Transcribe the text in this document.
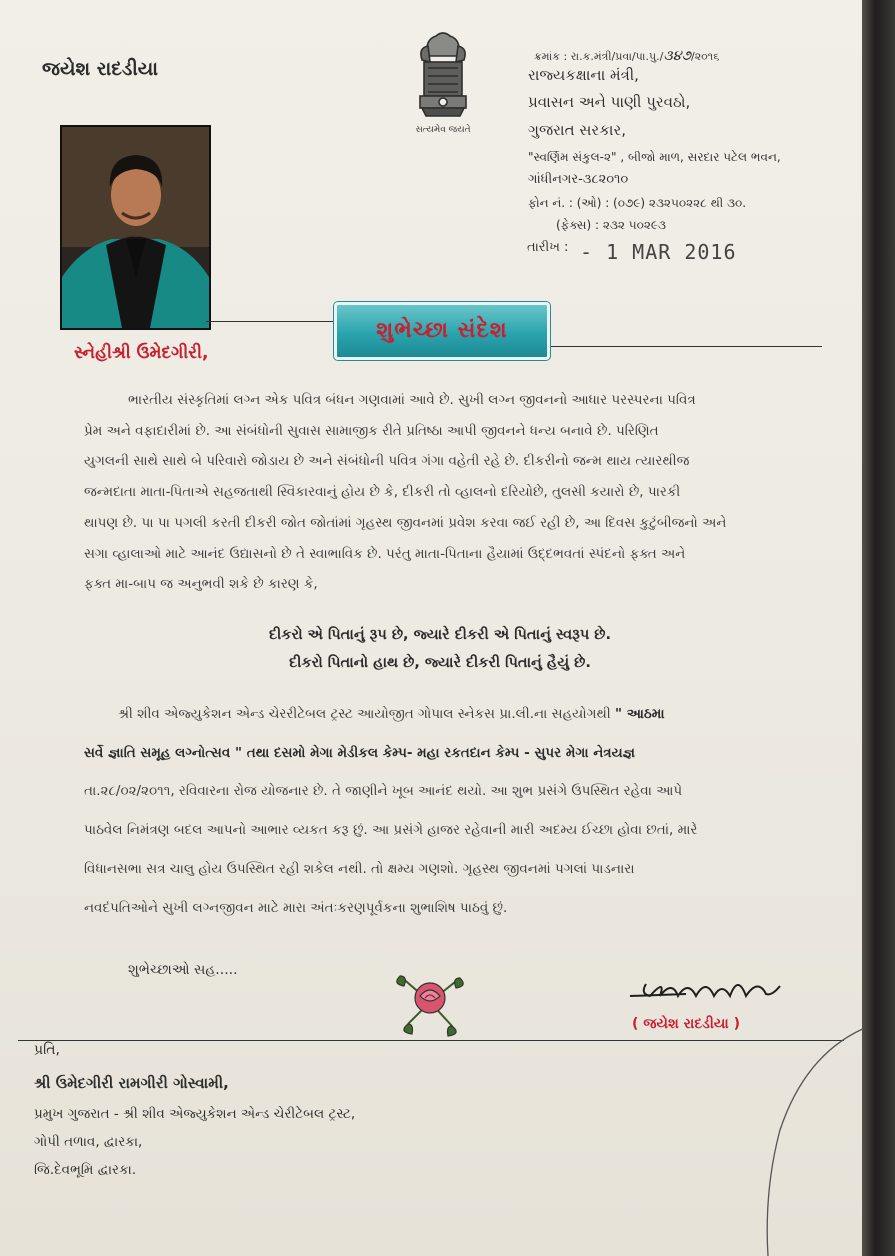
જયેશ રાદડીયા
સત્યમેવ જયતે
ક્રમાંક : રા.ક.મંત્રી/પ્રવા/પા.પુ./૩૪૭/૨૦૧૬
રાજ્યકક્ષાના મંત્રી,
પ્રવાસન અને પાણી પુરવઠો,
ગુજરાત સરકાર,
"સ્વર્ણિમ સંકુલ-૨" , બીજો માળ, સરદાર પટેલ ભવન,
ગાંધીનગર-૩૮૨૦૧૦
ફોન નં. : (ઓ) : (૦૭૯) ૨૩૨૫૦૨૨૮ થી ૩૦.
(ફેક્સ) : ૨૩૨ ૫૦૨૯૩
તારીખ : - 1 MAR 2016
શુભેચ્છા સંદેશ
સ્નેહીશ્રી ઉમેદગીરી,
ભારતીય સંસ્કૃતિમાં લગ્ન એક પવિત્ર બંધન ગણવામાં આવે છે. સુખી લગ્ન જીવનનો આધાર પરસ્પરના પવિત્ર
પ્રેમ અને વફાદારીમાં છે. આ સંબંધોની સુવાસ સામાજીક રીતે પ્રતિષ્ઠા આપી જીવનને ધન્ય બનાવે છે. પરિણિત
યુગલની સાથે સાથે બે પરિવારો જોડાય છે અને સંબંધોની પવિત્ર ગંગા વહેતી રહે છે. દીકરીનો જન્મ થાય ત્યારથીજ
જન્મદાતા માતા-પિતાએ સહજતાથી સ્વિકારવાનું હોય છે કે, દીકરી તો વ્હાલનો દરિયોછે, તુલસી કયારો છે, પારકી
થાપણ છે. પા પા પગલી કરતી દીકરી જોત જોતાંમાં ગૃહસ્થ જીવનમાં પ્રવેશ કરવા જઈ રહી છે, આ દિવસ કુટુંબીજનો અને
સગા વ્હાલાઓ માટે આનંદ ઉદ્યાસનો છે તે સ્વાભાવિક છે. પરંતુ માતા-પિતાના હૈયામાં ઉદ્દભવતાં સ્પંદનો ફક્ત અને
ફક્ત મા-બાપ જ અનુભવી શકે છે કારણ કે,
દીકરો એ પિતાનું રૂપ છે, જ્યારે દીકરી એ પિતાનું સ્વરૂપ છે.
દીકરો પિતાનો હાથ છે, જ્યારે દીકરી પિતાનું હૈયું છે.
શ્રી શીવ એજ્યુકેશન એન્ડ ચેરરીટેબલ ટ્રસ્ટ આયોજીત ગોપાલ સ્નેકસ પ્રા.લી.ના સહયોગથી " આઠમા
સર્વે જ્ઞાતિ સમૂહ લગ્નોત્સવ " તથા દસમો મેગા મેડીકલ કેમ્પ- મહા રકતદાન કેમ્પ - સુપર મેગા નેત્રયજ્ઞ
તા.૨૮/૦૨/૨૦૧૧, રવિવારના રોજ યોજનાર છે. તે જાણીને ખૂબ આનંદ થયો. આ શુભ પ્રસંગે ઉપસ્થિત રહેવા આપે
પાઠવેલ નિમંત્રણ બદલ આપનો આભાર વ્યકત કરૂ છું. આ પ્રસંગે હાજર રહેવાની મારી અદમ્ય ઈચ્છા હોવા છતાં, મારે
વિધાનસભા સત્ર ચાલુ હોય ઉપસ્થિત રહી શકેલ નથી. તો ક્ષમ્ય ગણશો. ગૃહસ્થ જીવનમાં પગલાં પાડનારા
નવદંપતિઓને સુખી લગ્નજીવન માટે મારા અંતઃકરણપૂર્વકના શુભાશિષ પાઠવું છું.
શુભેચ્છાઓ સહ.....	Jayesh
( જયેશ રાદડીયા )
પ્રતિ,
શ્રી ઉમેદગીરી રામગીરી ગોસ્વામી,
પ્રમુખ ગુજરાત - શ્રી શીવ એજ્યુકેશન એન્ડ ચેરીટેબલ ટ્રસ્ટ,
ગોપી તળાવ, દ્વારકા,
જિ.દેવભૂમિ દ્વારકા.
